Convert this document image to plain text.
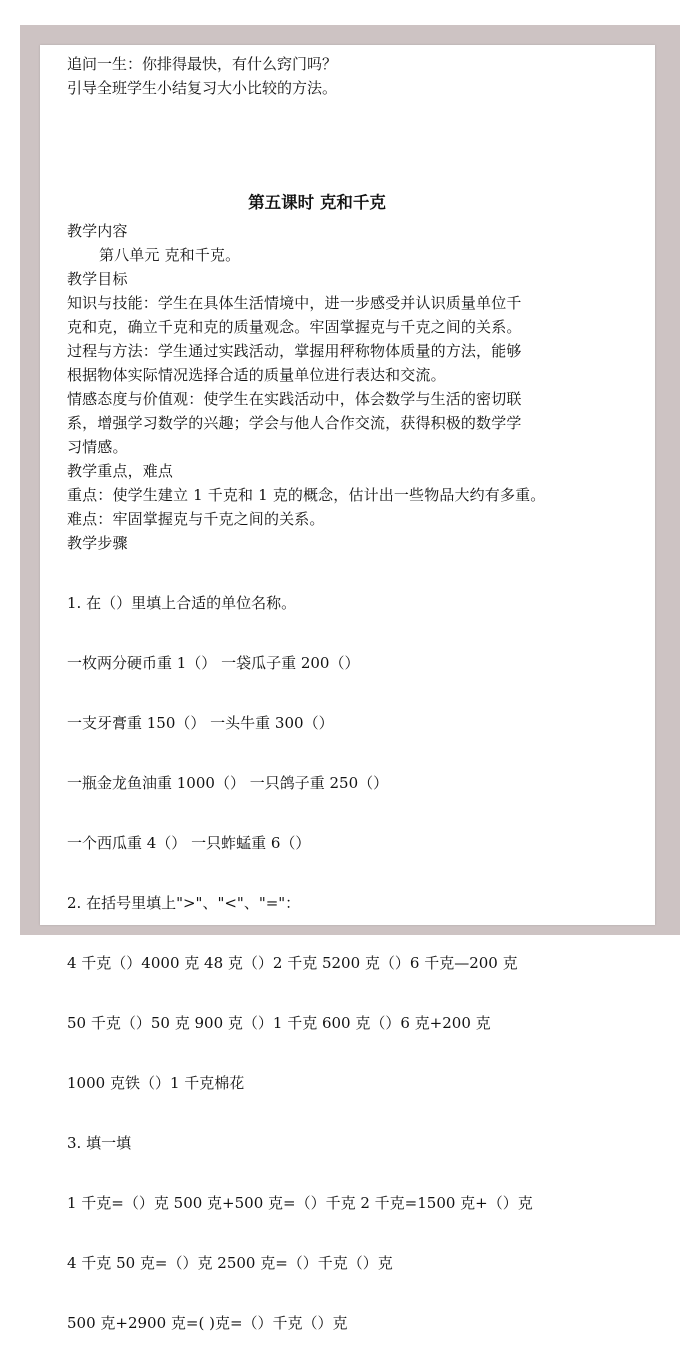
追问一生：你排得最快，有什么窍门吗？
引导全班学生小结复习大小比较的方法。
第五课时 克和千克
教学内容
第八单元 克和千克。
教学目标
知识与技能：学生在具体生活情境中，进一步感受并认识质量单位千
克和克，确立千克和克的质量观念。牢固掌握克与千克之间的关系。
过程与方法：学生通过实践活动，掌握用秤称物体质量的方法，能够
根据物体实际情况选择合适的质量单位进行表达和交流。
情感态度与价值观：使学生在实践活动中，体会数学与生活的密切联
系，增强学习数学的兴趣；学会与他人合作交流，获得积极的数学学
习情感。
教学重点，难点
重点：使学生建立 1 千克和 1 克的概念，估计出一些物品大约有多重。
难点：牢固掌握克与千克之间的关系。
教学步骤

1. 在（）里填上合适的单位名称。

一枚两分硬币重 1（） 一袋瓜子重 200（）

一支牙膏重 150（） 一头牛重 300（）

一瓶金龙鱼油重 1000（） 一只鸽子重 250（）

一个西瓜重 4（） 一只蚱蜢重 6（）

2. 在括号里填上">"、"<"、"="：

4 千克（）4000 克 48 克（）2 千克 5200 克（）6 千克—200 克

50 千克（）50 克 900 克（）1 千克 600 克（）6 克+200 克

1000 克铁（）1 千克棉花

3. 填一填

1 千克=（）克 500 克+500 克=（）千克 2 千克=1500 克+（）克

4 千克 50 克=（）克 2500 克=（）千克（）克

500 克+2900 克=( )克=（）千克（）克
